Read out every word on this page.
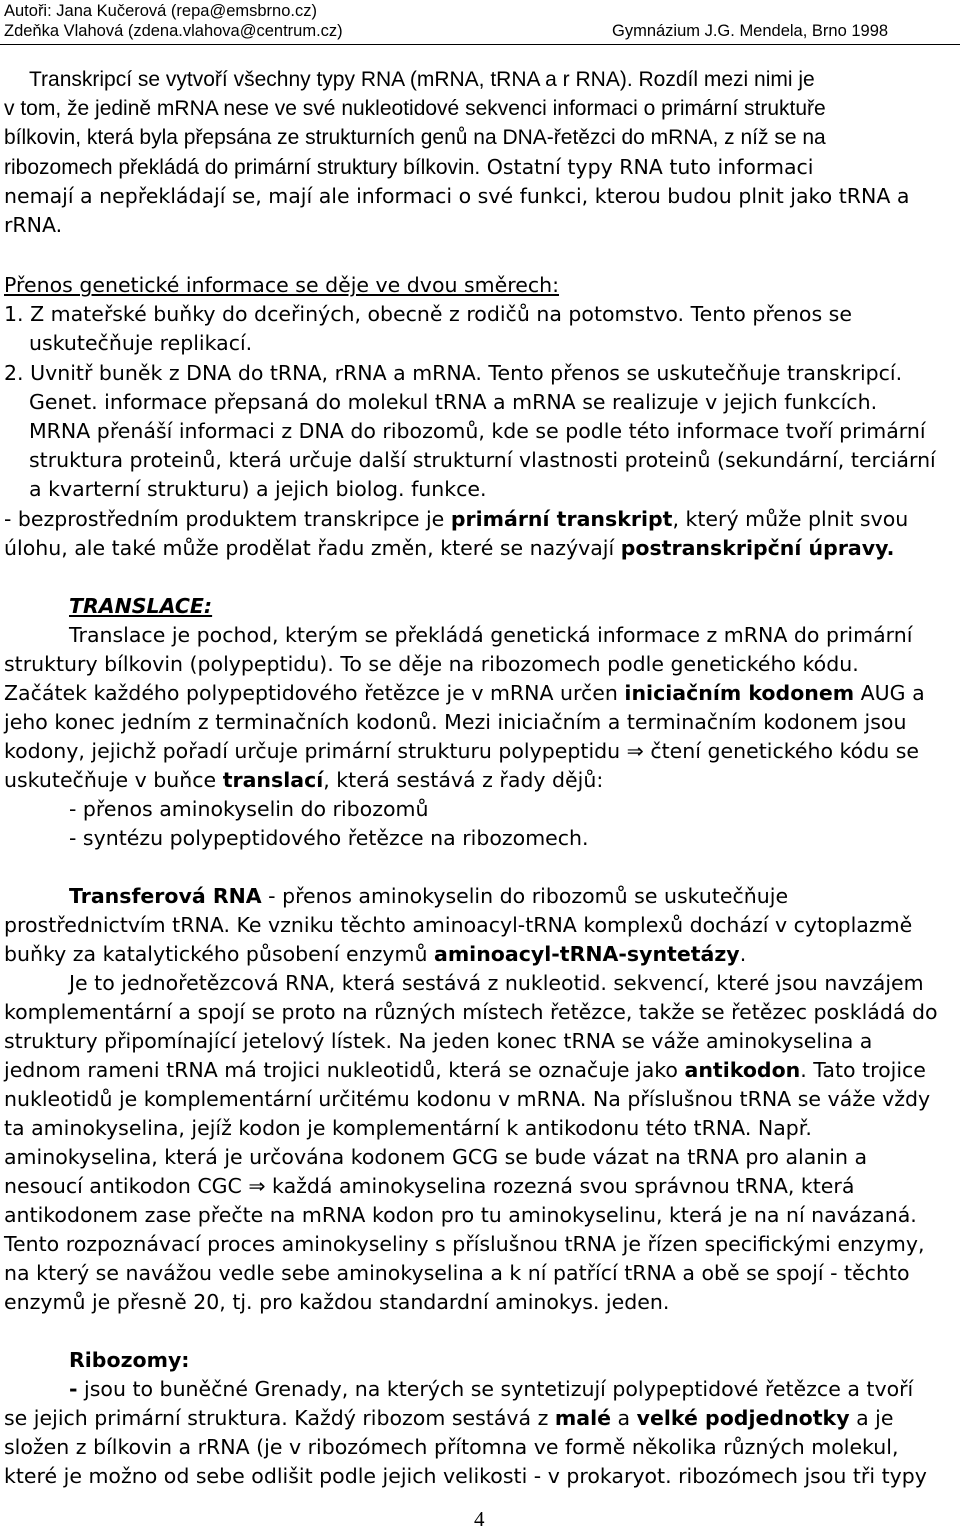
Autoři: Jana Kučerová (repa@emsbrno.cz)
Zdeňka Vlahová (zdena.vlahova@centrum.cz)	Gymnázium J.G. Mendela, Brno 1998
Transkripcí se vytvoří všechny typy RNA (mRNA, tRNA a r RNA). Rozdíl mezi nimi je
v tom, že jedině mRNA nese ve své nukleotidové sekvenci informaci o primární struktuře
bílkovin, která byla přepsána ze strukturních genů na DNA-řetězci do mRNA, z níž se na
ribozomech překládá do primární struktury bílkovin. Ostatní typy RNA tuto informaci
nemají a nepřekládají se, mají ale informaci o své funkci, kterou budou plnit jako tRNA a
rRNA.
Přenos genetické informace se děje ve dvou směrech:
1. Z mateřské buňky do dceřiných, obecně z rodičů na potomstvo. Tento přenos se
uskutečňuje replikací.
2. Uvnitř buněk z DNA do tRNA, rRNA a mRNA. Tento přenos se uskutečňuje transkripcí.
Genet. informace přepsaná do molekul tRNA a mRNA se realizuje v jejich funkcích.
MRNA přenáší informaci z DNA do ribozomů, kde se podle této informace tvoří primární
struktura proteinů, která určuje další strukturní vlastnosti proteinů (sekundární, terciární
a kvarterní strukturu) a jejich biolog. funkce.
- bezprostředním produktem transkripce je primární transkript, který může plnit svou
úlohu, ale také může prodělat řadu změn, které se nazývají postranskripční úpravy.
TRANSLACE:
Translace je pochod, kterým se překládá genetická informace z mRNA do primární
struktury bílkovin (polypeptidu). To se děje na ribozomech podle genetického kódu.
Začátek každého polypeptidového řetězce je v mRNA určen iniciačním kodonem AUG a
jeho konec jedním z terminačních kodonů. Mezi iniciačním a terminačním kodonem jsou
kodony, jejichž pořadí určuje primární strukturu polypeptidu ⇒ čtení genetického kódu se
uskutečňuje v buňce translací, která sestává z řady dějů:
- přenos aminokyselin do ribozomů
- syntézu polypeptidového řetězce na ribozomech.
Transferová RNA - přenos aminokyselin do ribozomů se uskutečňuje
prostřednictvím tRNA. Ke vzniku těchto aminoacyl-tRNA komplexů dochází v cytoplazmě
buňky za katalytického působení enzymů aminoacyl-tRNA-syntetázy.
Je to jednořetězcová RNA, která sestává z nukleotid. sekvencí, které jsou navzájem
komplementární a spojí se proto na různých místech řetězce, takže se řetězec poskládá do
struktury připomínající jetelový lístek. Na jeden konec tRNA se váže aminokyselina a
jednom rameni tRNA má trojici nukleotidů, která se označuje jako antikodon. Tato trojice
nukleotidů je komplementární určitému kodonu v mRNA. Na příslušnou tRNA se váže vždy
ta aminokyselina, jejíž kodon je komplementární k antikodonu této tRNA. Např.
aminokyselina, která je určována kodonem GCG se bude vázat na tRNA pro alanin a
nesoucí antikodon CGC ⇒ každá aminokyselina rozezná svou správnou tRNA, která
antikodonem zase přečte na mRNA kodon pro tu aminokyselinu, která je na ní navázaná.
Tento rozpoznávací proces aminokyseliny s příslušnou tRNA je řízen specifickými enzymy,
na který se navážou vedle sebe aminokyselina a k ní patřící tRNA a obě se spojí - těchto
enzymů je přesně 20, tj. pro každou standardní aminokys. jeden.
Ribozomy:
- jsou to buněčné Grenady, na kterých se syntetizují polypeptidové řetězce a tvoří
se jejich primární struktura. Každý ribozom sestává z malé a velké podjednotky a je
složen z bílkovin a rRNA (je v ribozómech přítomna ve formě několika různých molekul,
které je možno od sebe odlišit podle jejich velikosti - v prokaryot. ribozómech jsou tři typy
4
